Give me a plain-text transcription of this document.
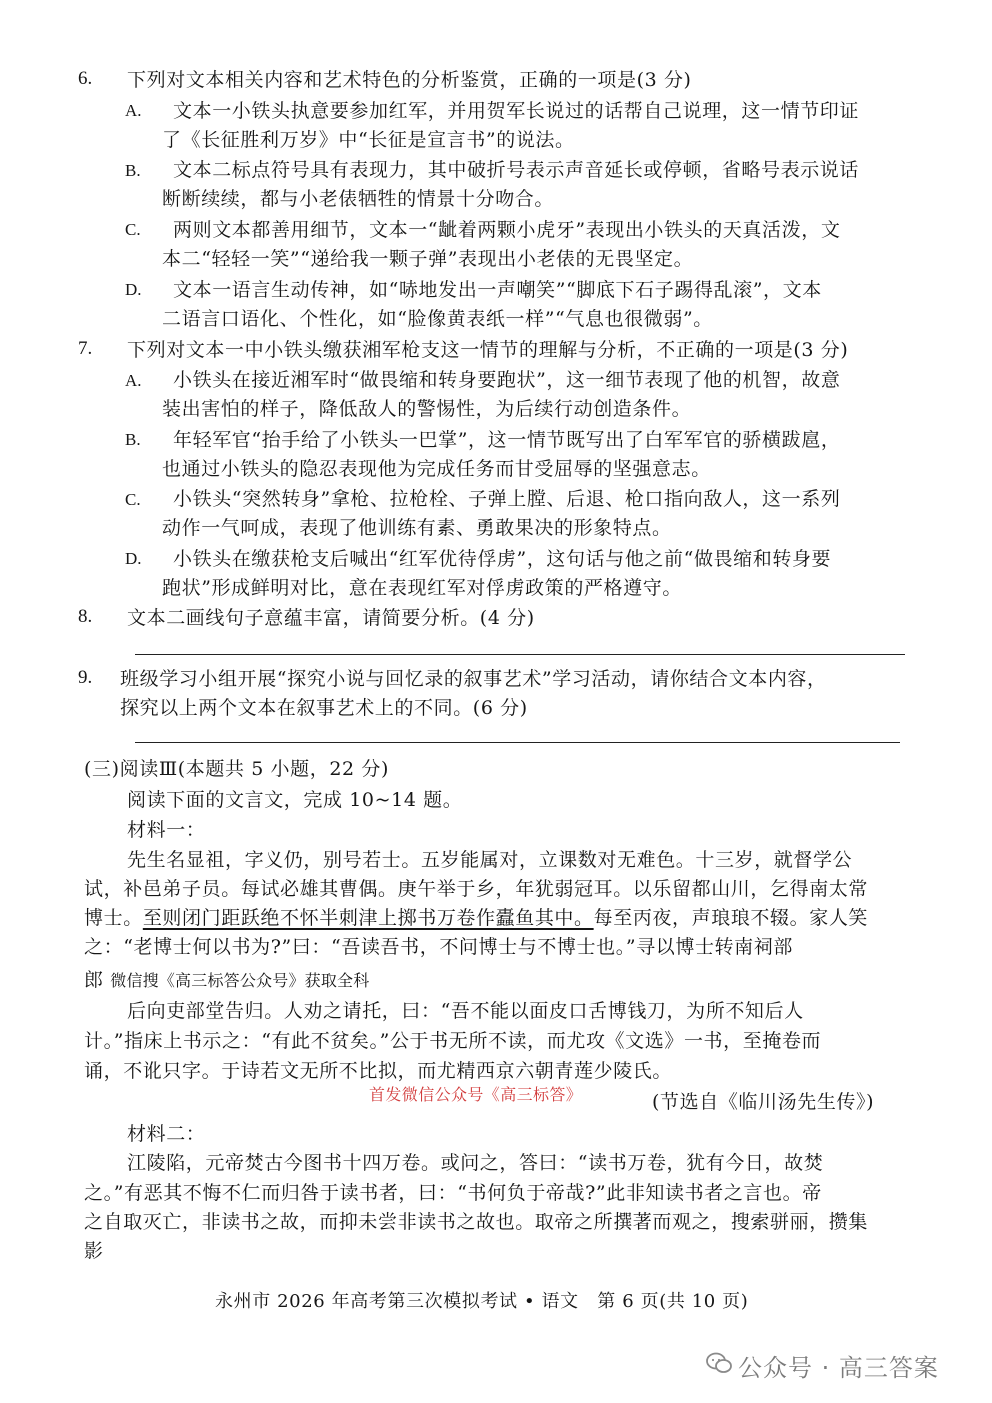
6. 下列对文本相关内容和艺术特色的分析鉴赏，正确的一项是(3 分)
A. 文本一小铁头执意要参加红军，并用贺军长说过的话帮自己说理，这一情节印证
了《长征胜利万岁》中“长征是宣言书”的说法。
B. 文本二标点符号具有表现力，其中破折号表示声音延长或停顿，省略号表示说话
断断续续，都与小老俵牺牲的情景十分吻合。
C. 两则文本都善用细节，文本一“龇着两颗小虎牙”表现出小铁头的天真活泼，文
本二“轻轻一笑”“递给我一颗子弹”表现出小老俵的无畏坚定。
D. 文本一语言生动传神，如“哧地发出一声嘲笑”“脚底下石子踢得乱滚”，文本
二语言口语化、个性化，如“脸像黄表纸一样”“气息也很微弱”。
7. 下列对文本一中小铁头缴获湘军枪支这一情节的理解与分析，不正确的一项是(3 分)
A. 小铁头在接近湘军时“做畏缩和转身要跑状”，这一细节表现了他的机智，故意
装出害怕的样子，降低敌人的警惕性，为后续行动创造条件。
B. 年轻军官“抬手给了小铁头一巴掌”，这一情节既写出了白军军官的骄横跋扈，
也通过小铁头的隐忍表现他为完成任务而甘受屈辱的坚强意志。
C. 小铁头“突然转身”拿枪、拉枪栓、子弹上膛、后退、枪口指向敌人，这一系列
动作一气呵成，表现了他训练有素、勇敢果决的形象特点。
D. 小铁头在缴获枪支后喊出“红军优待俘虏”，这句话与他之前“做畏缩和转身要
跑状”形成鲜明对比，意在表现红军对俘虏政策的严格遵守。
8. 文本二画线句子意蕴丰富，请简要分析。(4 分)
9. 班级学习小组开展“探究小说与回忆录的叙事艺术”学习活动，请你结合文本内容，
探究以上两个文本在叙事艺术上的不同。(6 分)
(三)阅读Ⅲ(本题共 5 小题，22 分)
阅读下面的文言文，完成 10~14 题。
材料一：
先生名显祖，字义仍，别号若士。五岁能属对，立课数对无难色。十三岁，就督学公
试，补邑弟子员。每试必雄其曹偶。庚午举于乡，年犹弱冠耳。以乐留都山川，乞得南太常
博士。至则闭门距跃绝不怀半刺津上掷书万卷作蠹鱼其中。每至丙夜，声琅琅不辍。家人笑
之：“老博士何以书为?”曰：“吾读吾书，不问博士与不博士也。”寻以博士转南祠部
郎 微信搜《高三标答公众号》获取全科
后向吏部堂告归。人劝之请托，曰：“吾不能以面皮口舌博钱刀，为所不知后人
计。”指床上书示之：“有此不贫矣。”公于书无所不读，而尤攻《文选》一书，至掩卷而
诵，不讹只字。于诗若文无所不比拟，而尤精西京六朝青莲少陵氏。
首发微信公众号《高三标答》	(节选自《临川汤先生传》)
材料二：
江陵陷，元帝焚古今图书十四万卷。或问之，答曰：“读书万卷，犹有今日，故焚
之。”有恶其不悔不仁而归咎于读书者，曰：“书何负于帝哉?”此非知读书者之言也。帝
之自取灭亡，非读书之故，而抑未尝非读书之故也。取帝之所撰著而观之，搜索骈丽，攒集
影
永州市 2026 年高考第三次模拟考试 • 语文　第 6 页(共 10 页)
公众号 · 高三答案
